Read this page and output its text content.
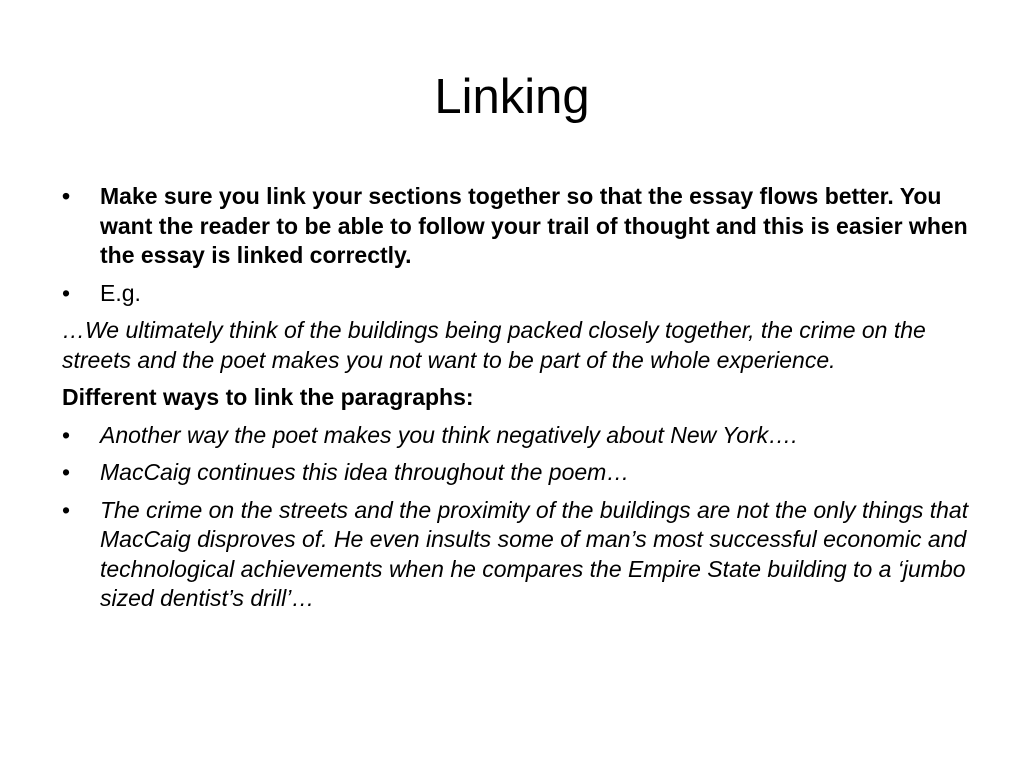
Linking
•	Make sure you link your sections together so that the essay flows better. You want the reader to be able to follow your trail of thought and this is easier when the essay is linked correctly.
•	E.g.

…We ultimately think of the buildings being packed closely together, the crime on the streets and the poet makes you not want to be part of the whole experience.

Different ways to link the paragraphs:

•	Another way the poet makes you think negatively about New York….
•	MacCaig continues this idea throughout the poem…
•	The crime on the streets and the proximity of the buildings are not the only things that MacCaig disproves of. He even insults some of man’s most successful economic and technological achievements when he compares the Empire State building to a ‘jumbo sized dentist’s drill’…
